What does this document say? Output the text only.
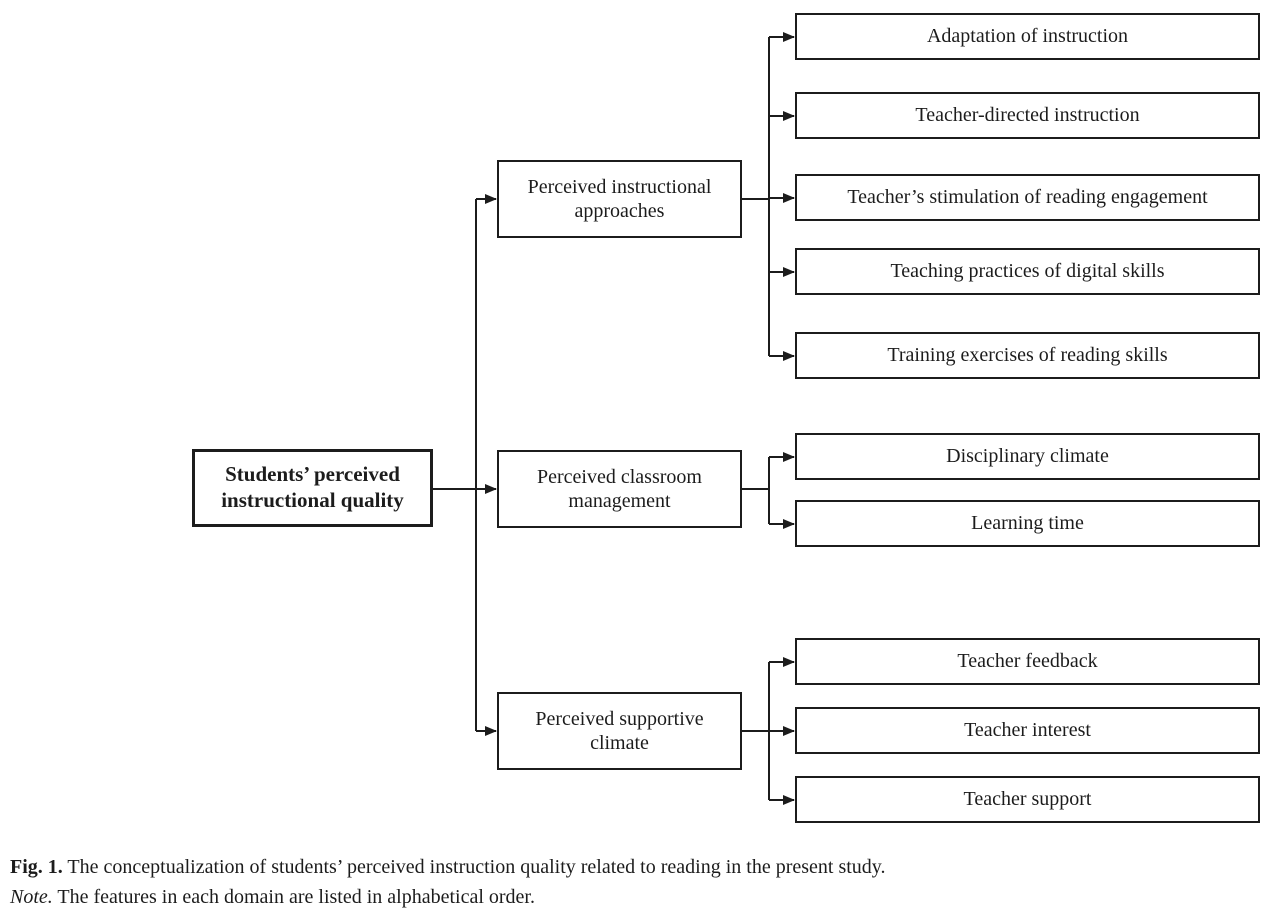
Students’ perceived instructional quality
Perceived instructional approaches
Perceived classroom management
Perceived supportive climate
Adaptation of instruction
Teacher-directed instruction
Teacher’s stimulation of reading engagement
Teaching practices of digital skills
Training exercises of reading skills
Disciplinary climate
Learning time
Teacher feedback
Teacher interest
Teacher support

Fig. 1. The conceptualization of students’ perceived instruction quality related to reading in the present study.

Note. The features in each domain are listed in alphabetical order.
